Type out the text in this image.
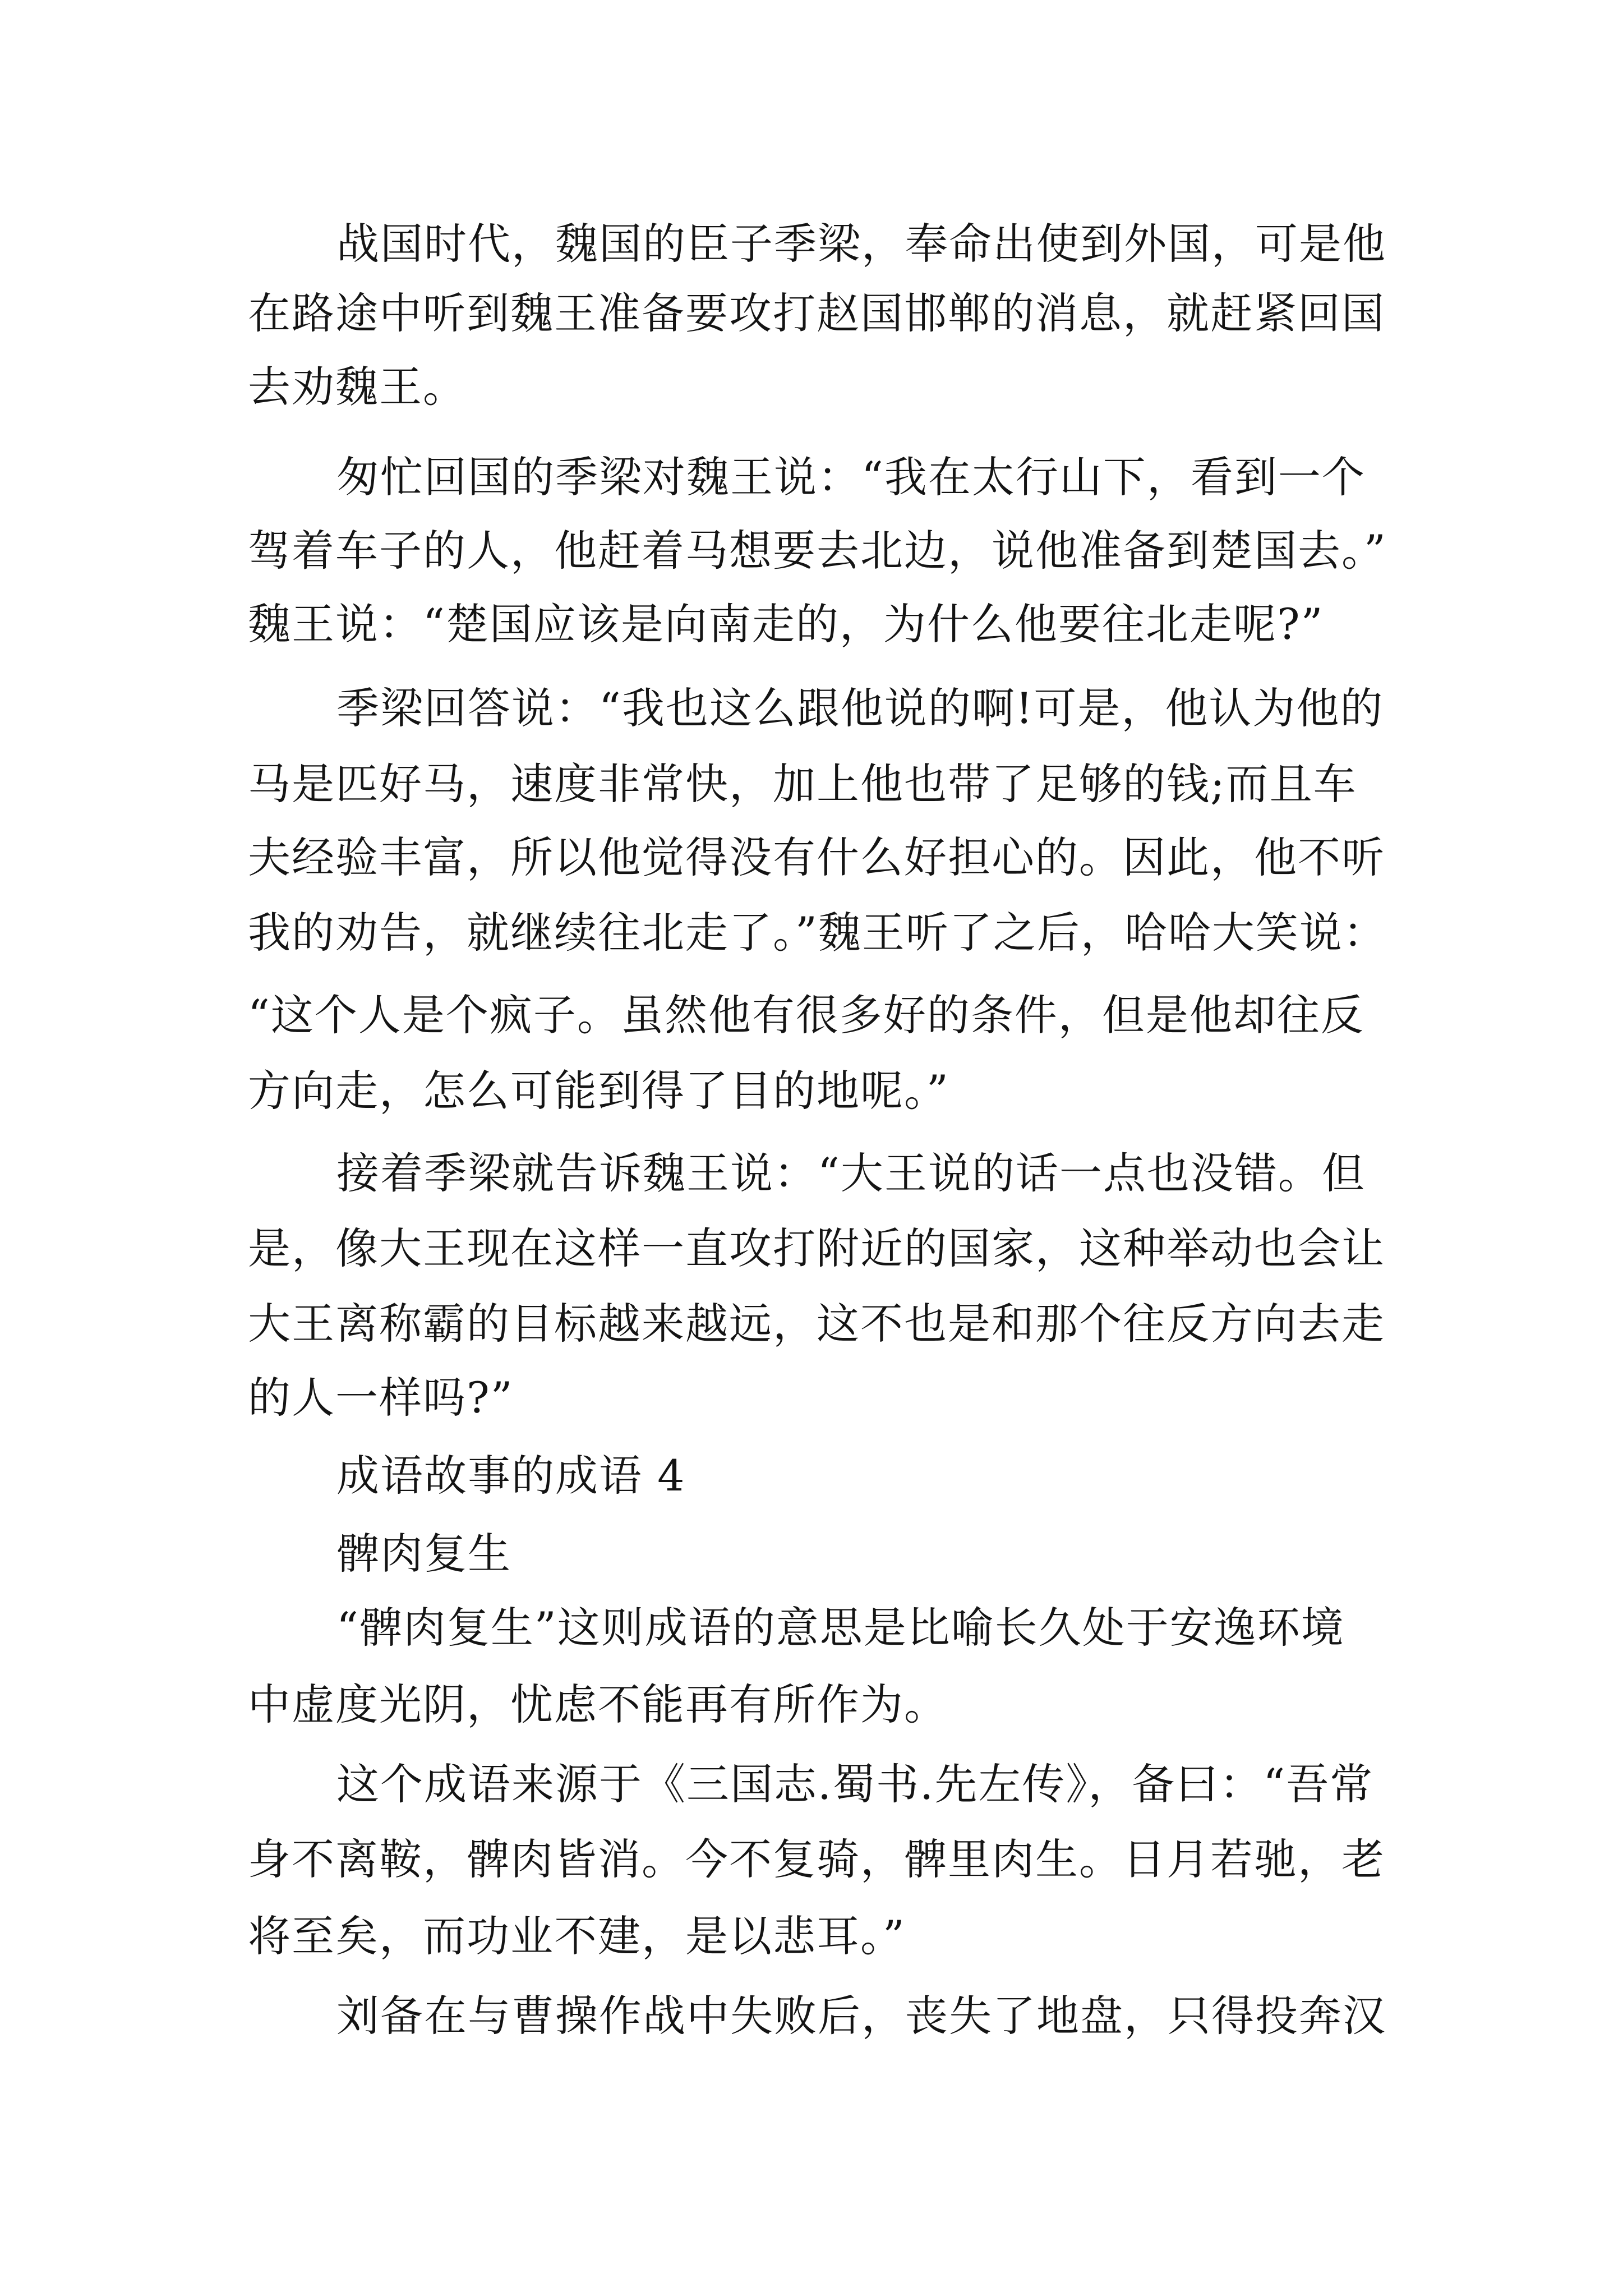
战国时代，魏国的臣子季梁，奉命出使到外国，可是他
在路途中听到魏王准备要攻打赵国邯郸的消息，就赶紧回国
去劝魏王。
匆忙回国的季梁对魏王说：“我在太行山下，看到一个
驾着车子的人，他赶着马想要去北边，说他准备到楚国去。”
魏王说：“楚国应该是向南走的，为什么他要往北走呢?”
季梁回答说：“我也这么跟他说的啊!可是，他认为他的
马是匹好马，速度非常快，加上他也带了足够的钱;而且车
夫经验丰富，所以他觉得没有什么好担心的。因此，他不听
我的劝告，就继续往北走了。”魏王听了之后，哈哈大笑说：
“这个人是个疯子。虽然他有很多好的条件，但是他却往反
方向走，怎么可能到得了目的地呢。”
接着季梁就告诉魏王说：“大王说的话一点也没错。但
是，像大王现在这样一直攻打附近的国家，这种举动也会让
大王离称霸的目标越来越远，这不也是和那个往反方向去走
的人一样吗?”
成语故事的成语 4
髀肉复生
“髀肉复生”这则成语的意思是比喻长久处于安逸环境
中虚度光阴，忧虑不能再有所作为。
这个成语来源于《三国志.蜀书.先左传》，备曰：“吾常
身不离鞍，髀肉皆消。今不复骑，髀里肉生。日月若驰，老
将至矣，而功业不建，是以悲耳。”
刘备在与曹操作战中失败后，丧失了地盘，只得投奔汉
